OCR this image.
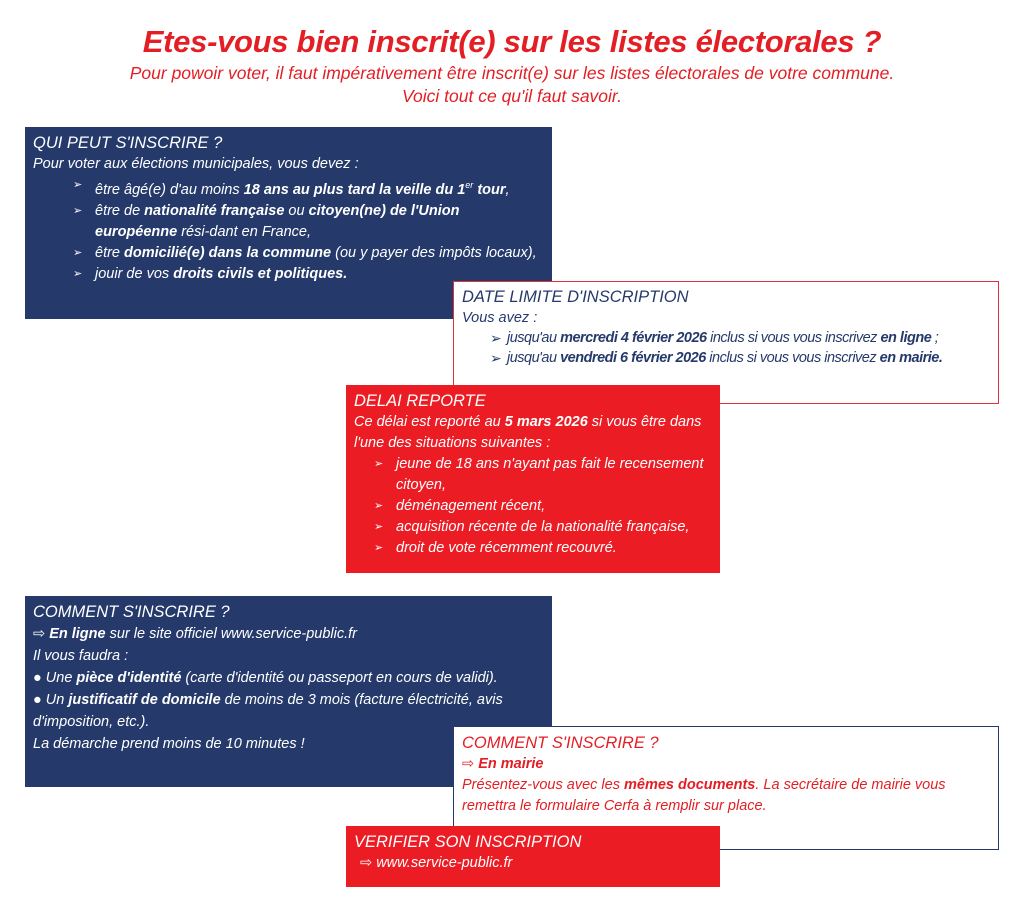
Etes-vous bien inscrit(e) sur les listes électorales ?
Pour powoir voter, il faut impérativement être inscrit(e) sur les listes électorales de votre commune.
Voici tout ce qu'il faut savoir.
QUI PEUT S'INSCRIRE ?
Pour voter aux élections municipales, vous devez :
➢ être âgé(e) d'au moins 18 ans au plus tard la veille du 1er tour,
➢ être de nationalité française ou citoyen(ne) de l'Union européenne rési-dant en France,
➢ être domicilié(e) dans la commune (ou y payer des impôts locaux),
➢ jouir de vos droits civils et politiques.
DATE LIMITE D'INSCRIPTION
Vous avez :
➢ jusqu'au mercredi 4 février 2026 inclus si vous vous inscrivez en ligne ;
➢ jusqu'au vendredi 6 février 2026 inclus si vous vous inscrivez en mairie.
DELAI REPORTE
Ce délai est reporté au 5 mars 2026 si vous être dans l'une des situations suivantes :
➢ jeune de 18 ans n'ayant pas fait le recensement citoyen,
➢ déménagement récent,
➢ acquisition récente de la nationalité française,
➢ droit de vote récemment recouvré.
COMMENT S'INSCRIRE ?
⇨ En ligne sur le site officiel www.service-public.fr
Il vous faudra :
● Une pièce d'identité (carte d'identité ou passeport en cours de validi).
● Un justificatif de domicile de moins de 3 mois (facture électricité, avis d'imposition, etc.).
La démarche prend moins de 10 minutes !	COMMENT S'INSCRIRE ?
⇨ En mairie
Présentez-vous avec les mêmes documents. La secrétaire de mairie vous remettra le formulaire Cerfa à remplir sur place.
VERIFIER SON INSCRIPTION
⇨ www.service-public.fr
